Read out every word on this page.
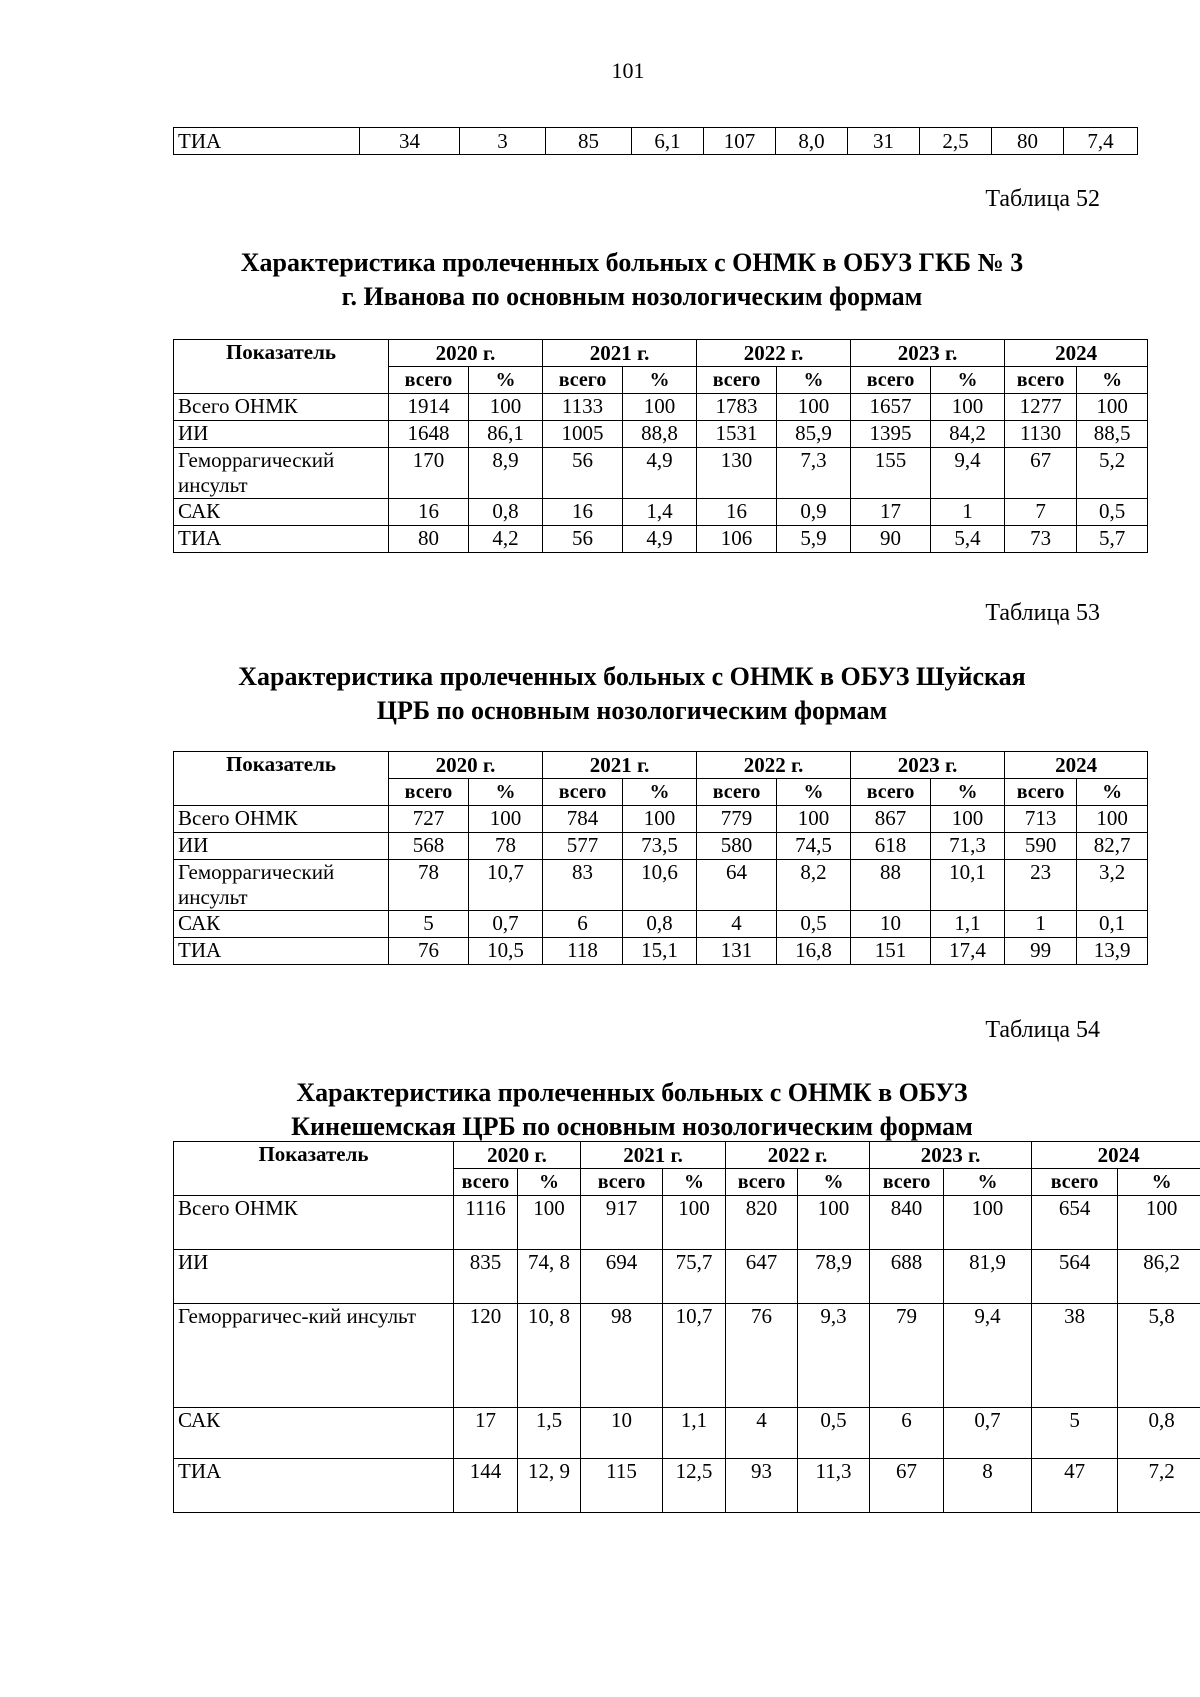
101
ТИА	34	3	85	6,1	107	8,0	31	2,5	80	7,4
Таблица 52
Характеристика пролеченных больных с ОНМК в ОБУЗ ГКБ № 3
г. Иванова по основным нозологическим формам
Показатель	2020 г.		2021 г.		2022 г.		2023 г.		2024	
	всего	%	всего	%	всего	%	всего	%	всего	%
Всего ОНМК	1914	100	1133	100	1783	100	1657	100	1277	100
ИИ	1648	86,1	1005	88,8	1531	85,9	1395	84,2	1130	88,5
Геморрагический инсульт	170	8,9	56	4,9	130	7,3	155	9,4	67	5,2
САК	16	0,8	16	1,4	16	0,9	17	1	7	0,5
ТИА	80	4,2	56	4,9	106	5,9	90	5,4	73	5,7
Таблица 53
Характеристика пролеченных больных с ОНМК в ОБУЗ Шуйская
ЦРБ по основным нозологическим формам
Показатель	2020 г.		2021 г.		2022 г.		2023 г.		2024	
	всего	%	всего	%	всего	%	всего	%	всего	%
Всего ОНМК	727	100	784	100	779	100	867	100	713	100
ИИ	568	78	577	73,5	580	74,5	618	71,3	590	82,7
Геморрагический инсульт	78	10,7	83	10,6	64	8,2	88	10,1	23	3,2
САК	5	0,7	6	0,8	4	0,5	10	1,1	1	0,1
ТИА	76	10,5	118	15,1	131	16,8	151	17,4	99	13,9
Таблица 54
Характеристика пролеченных больных с ОНМК в ОБУЗ
Кинешемская ЦРБ по основным нозологическим формам
Показатель	2020 г.		2021 г.		2022 г.		2023 г.		2024	
	всего	%	всего	%	всего	%	всего	%	всего	%
Всего ОНМК	1116	100	917	100	820	100	840	100	654	100
ИИ	835	74, 8	694	75,7	647	78,9	688	81,9	564	86,2
Геморрагичес-кий инсульт	120	10, 8	98	10,7	76	9,3	79	9,4	38	5,8
САК	17	1,5	10	1,1	4	0,5	6	0,7	5	0,8
ТИА	144	12, 9	115	12,5	93	11,3	67	8	47	7,2
